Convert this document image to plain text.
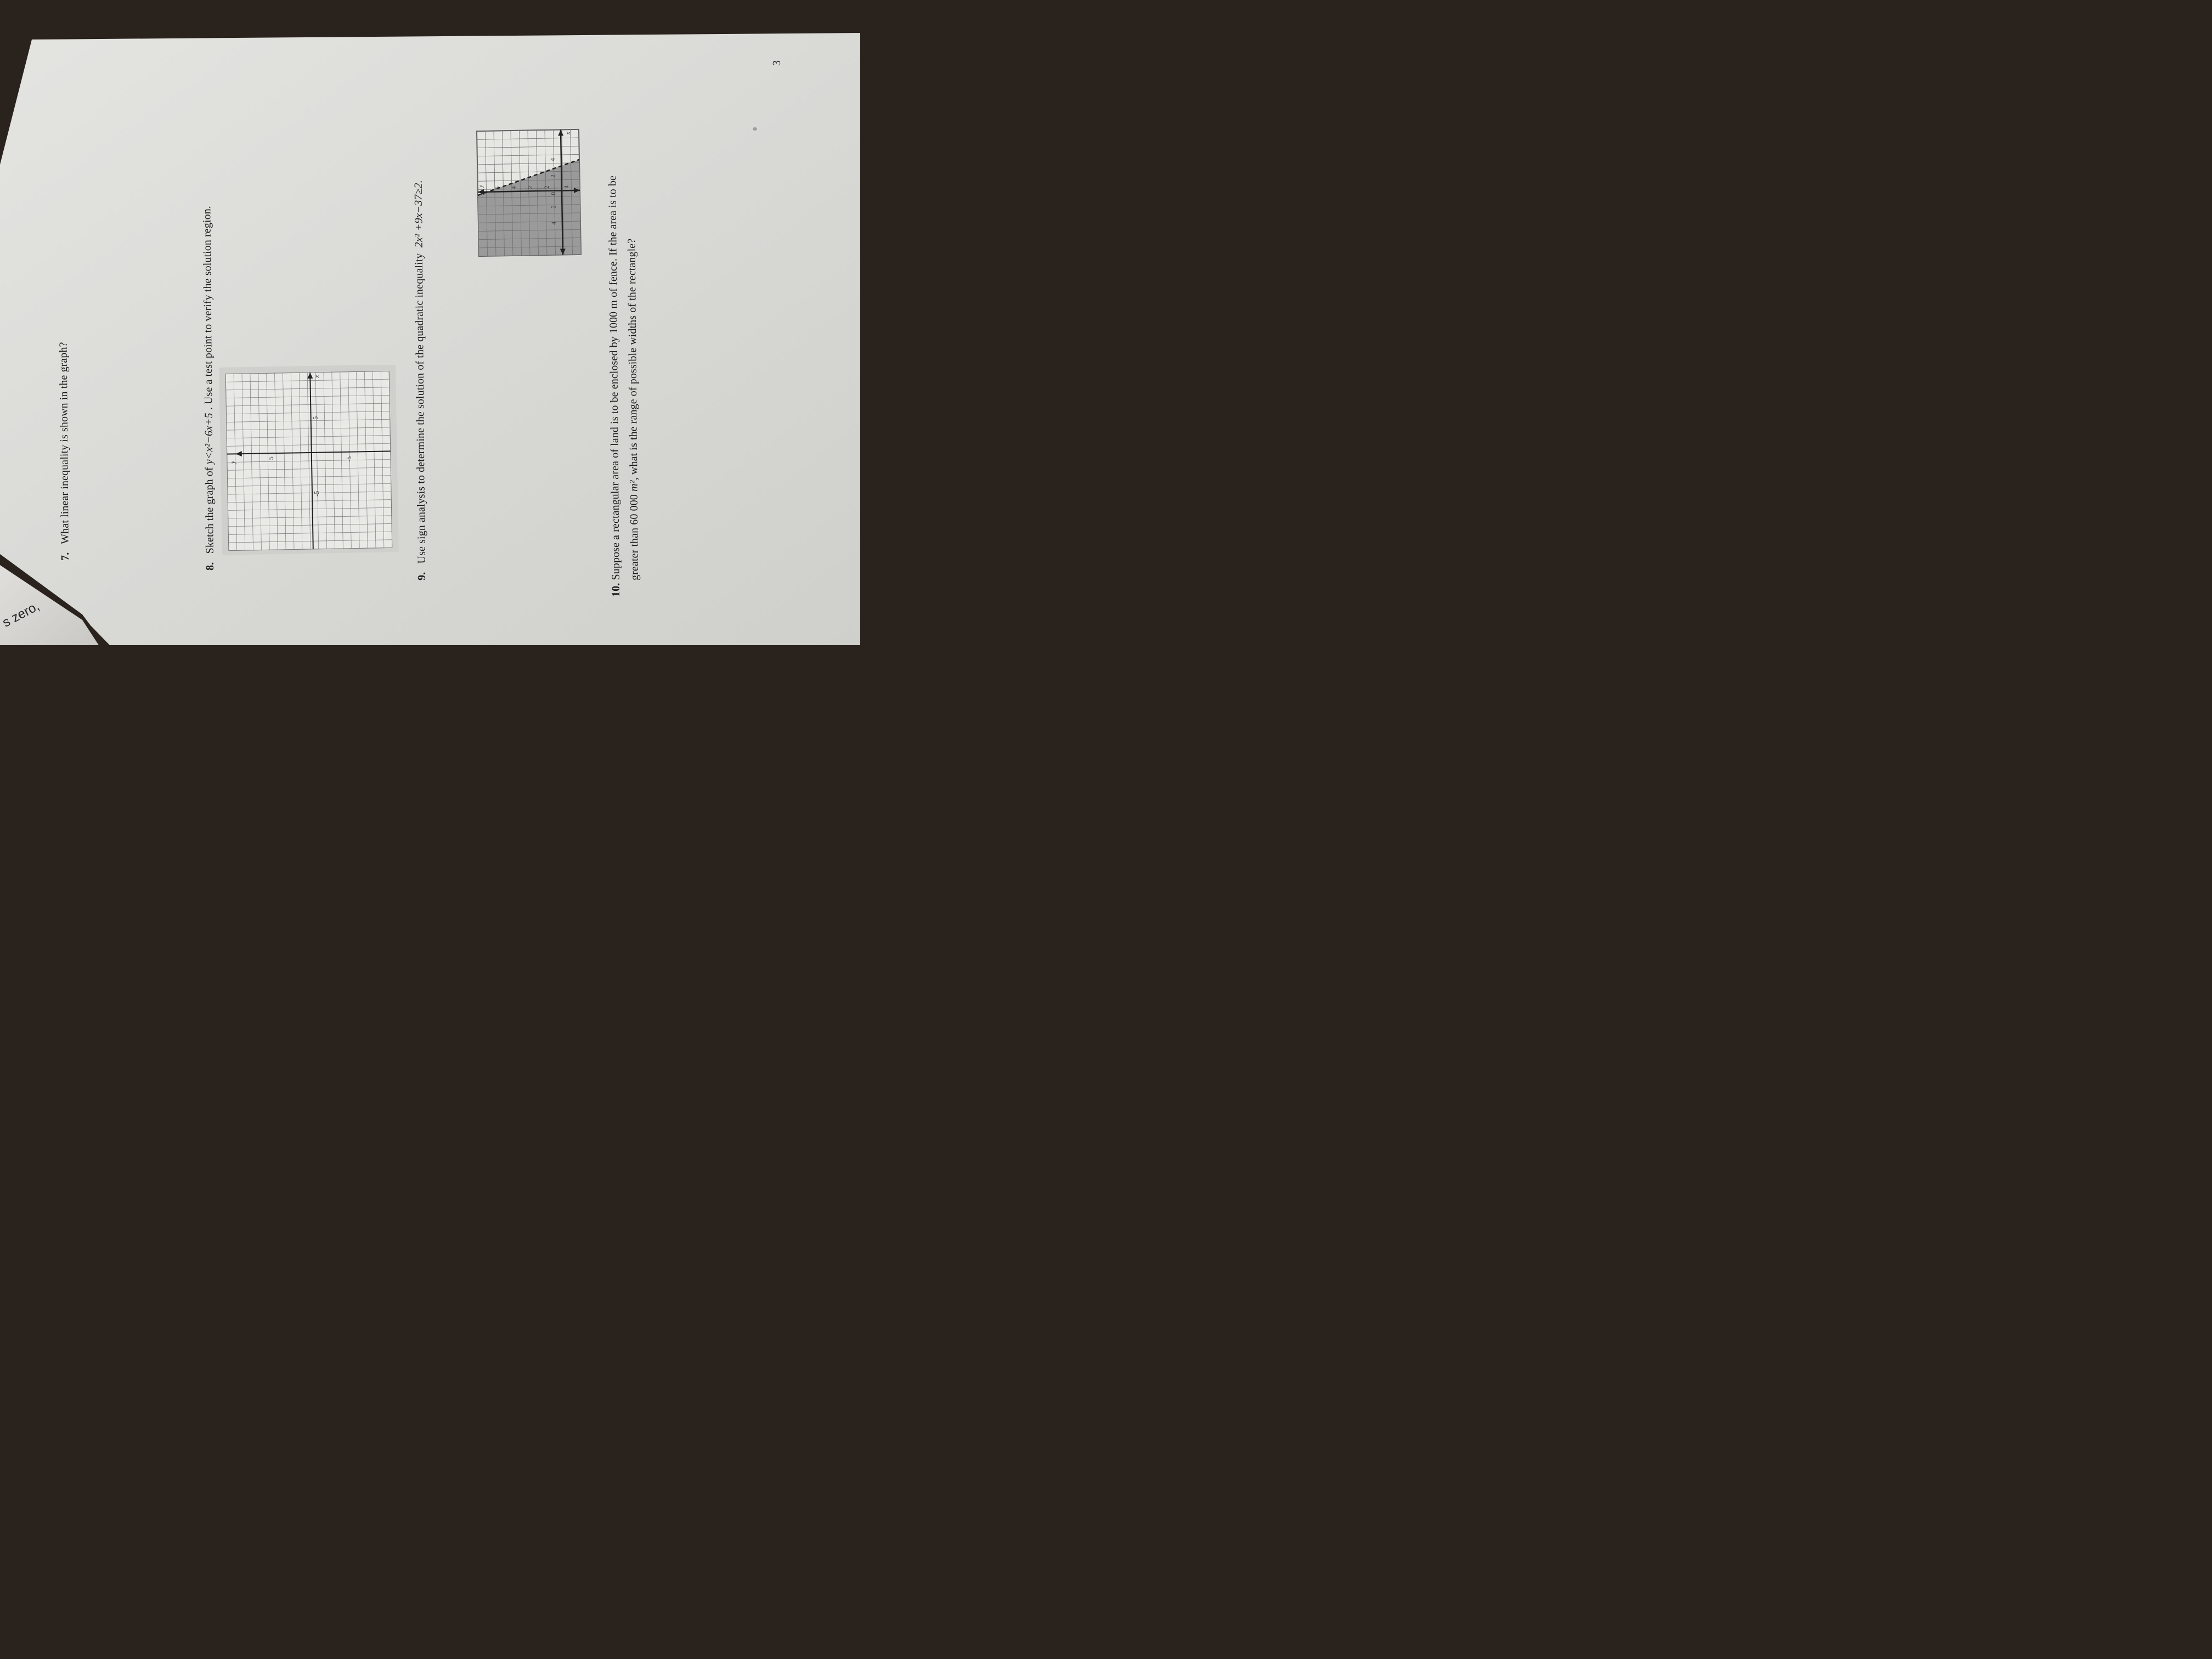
s zero,
7.   What linear inequality is shown in the graph?
8.   Sketch the graph of y<x²−6x+5 . Use a test point to verify the solution region.
9.   Use sign analysis to determine the solution of the quadratic inequality  2x² +9x−37≥2.
10. Suppose a rectangular area of land is to be enclosed by 1000 m of fence. If the area is to be greater than 60 000 m², what is the range of possible widths of the rectangle?
3
4
2
0
2
4
6 4 2 2 4
x
y
5
-5
5	-5
x
y
